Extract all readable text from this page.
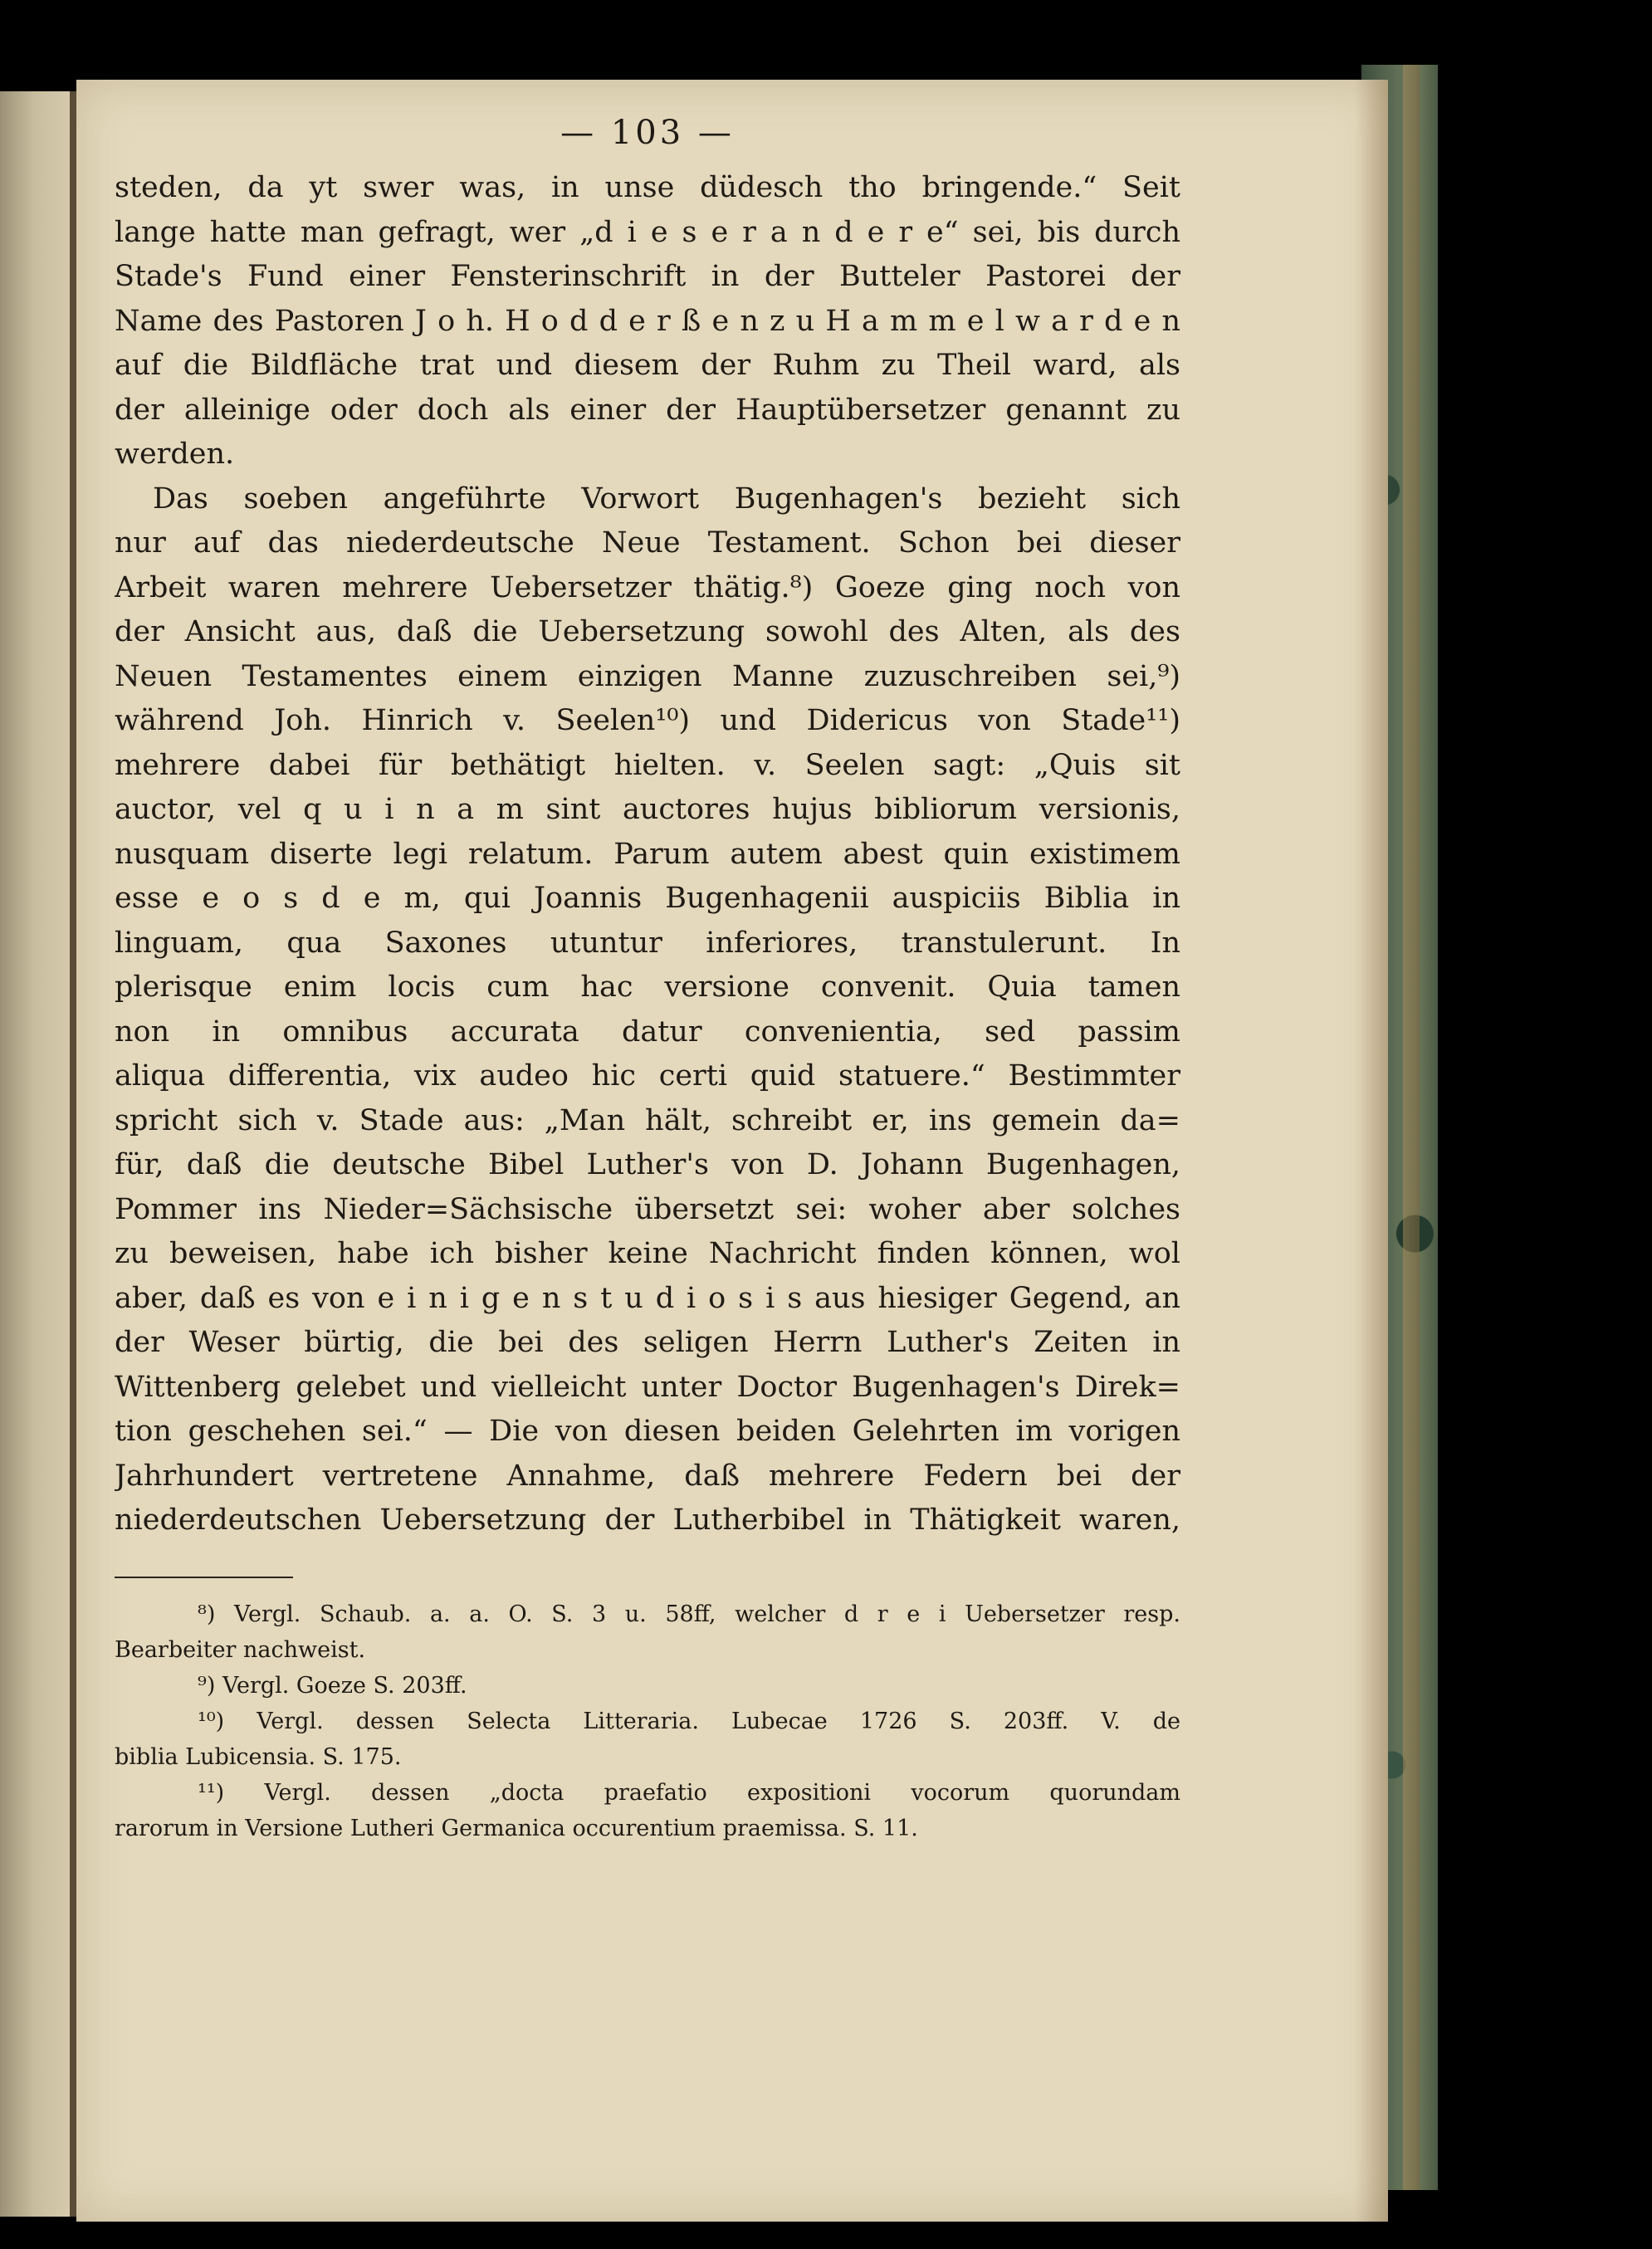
— 103 —
steden, da yt swer was, in unse düdesch tho bringende.“ Seit
lange hatte man gefragt, wer „d i e s e r a n d e r e“ sei, bis durch
Stade's Fund einer Fensterinschrift in der Butteler Pastorei der
Name des Pastoren J o h. H o d d e r ß e n z u H a m m e l w a r d e n
auf die Bildfläche trat und diesem der Ruhm zu Theil ward, als
der alleinige oder doch als einer der Hauptübersetzer genannt zu
werden.
Das soeben angeführte Vorwort Bugenhagen's bezieht sich
nur auf das niederdeutsche Neue Testament. Schon bei dieser
Arbeit waren mehrere Uebersetzer thätig.⁸) Goeze ging noch von
der Ansicht aus, daß die Uebersetzung sowohl des Alten, als des
Neuen Testamentes einem einzigen Manne zuzuschreiben sei,⁹)
während Joh. Hinrich v. Seelen¹⁰) und Didericus von Stade¹¹)
mehrere dabei für bethätigt hielten. v. Seelen sagt: „Quis sit
auctor, vel q u i n a m sint auctores hujus bibliorum versionis,
nusquam diserte legi relatum. Parum autem abest quin existimem
esse e o s d e m, qui Joannis Bugenhagenii auspiciis Biblia in
linguam, qua Saxones utuntur inferiores, transtulerunt. In
plerisque enim locis cum hac versione convenit. Quia tamen
non in omnibus accurata datur convenientia, sed passim
aliqua differentia, vix audeo hic certi quid statuere.“ Bestimmter
spricht sich v. Stade aus: „Man hält, schreibt er, ins gemein da=
für, daß die deutsche Bibel Luther's von D. Johann Bugenhagen,
Pommer ins Nieder=Sächsische übersetzt sei: woher aber solches
zu beweisen, habe ich bisher keine Nachricht finden können, wol
aber, daß es von e i n i g e n s t u d i o s i s aus hiesiger Gegend, an
der Weser bürtig, die bei des seligen Herrn Luther's Zeiten in
Wittenberg gelebet und vielleicht unter Doctor Bugenhagen's Direk=
tion geschehen sei.“ — Die von diesen beiden Gelehrten im vorigen
Jahrhundert vertretene Annahme, daß mehrere Federn bei der
niederdeutschen Uebersetzung der Lutherbibel in Thätigkeit waren,
⁸) Vergl. Schaub. a. a. O. S. 3 u. 58ff, welcher d r e i Uebersetzer resp.
Bearbeiter nachweist.
⁹) Vergl. Goeze S. 203ff.
¹⁰) Vergl. dessen Selecta Litteraria. Lubecae 1726 S. 203ff. V. de
biblia Lubicensia. S. 175.
¹¹) Vergl. dessen „docta praefatio expositioni vocorum quorundam
rarorum in Versione Lutheri Germanica occurentium praemissa. S. 11.
